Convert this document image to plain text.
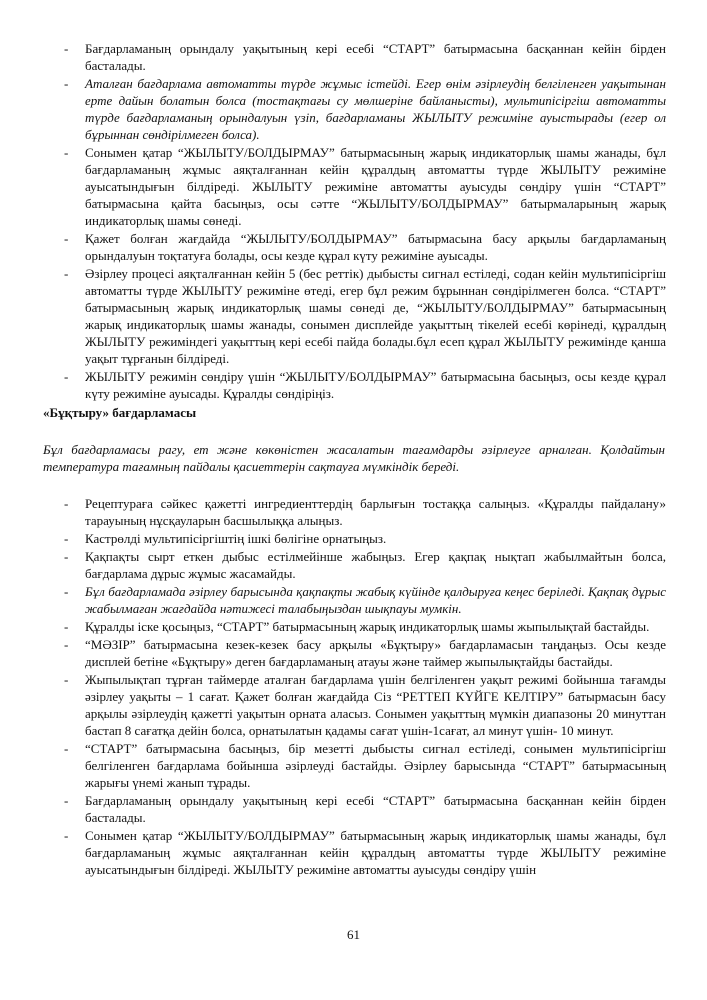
- Бағдарламаның орындалу уақытының кері есебі “СТАРТ” батырмасына басқаннан кейін бірден басталады.
- Аталған бағдарлама автоматты түрде жұмыс істейді. Егер өнім әзірлеудің белгіленген уақытынан ерте дайын болатын болса (тостақтағы су мөлшеріне байланысты), мультипісіргіш автоматты түрде бағдарламаның орындалуын үзіп, бағдарламаны ЖЫЛЫТУ режиміне ауыстырады (егер ол бұрыннан сөндірілмеген болса).
- Сонымен қатар “ЖЫЛЫТУ/БОЛДЫРМАУ” батырмасының жарық индикаторлық шамы жанады, бұл бағдарламаның жұмыс аяқталғаннан кейін құралдың автоматты түрде ЖЫЛЫТУ режиміне ауысатындығын білдіреді. ЖЫЛЫТУ режиміне автоматты ауысуды сөндіру үшін “СТАРТ” батырмасына қайта басыңыз, осы сәтте “ЖЫЛЫТУ/БОЛДЫРМАУ” батырмаларының жарық индикаторлық шамы сөнеді.
- Қажет болған жағдайда “ЖЫЛЫТУ/БОЛДЫРМАУ” батырмасына басу арқылы бағдарламаның орындалуын тоқтатуға болады, осы кезде құрал күту режиміне ауысады.
- Әзірлеу процесі аяқталғаннан кейін 5 (бес реттік) дыбысты сигнал естіледі, содан кейін мультипісіргіш автоматты түрде ЖЫЛЫТУ режиміне өтеді, егер бұл режим бұрыннан сөндірілмеген болса. “СТАРТ” батырмасының жарық индикаторлық шамы сөнеді де, “ЖЫЛЫТУ/БОЛДЫРМАУ” батырмасының жарық индикаторлық шамы жанады, сонымен дисплейде уақыттың тікелей есебі көрінеді, құралдың ЖЫЛЫТУ режиміндегі уақыттың кері есебі пайда болады.бұл есеп құрал ЖЫЛЫТУ режимінде қанша уақыт тұрғанын білдіреді.
- ЖЫЛЫТУ режимін сөндіру үшін “ЖЫЛЫТУ/БОЛДЫРМАУ” батырмасына басыңыз, осы кезде құрал күту режиміне ауысады. Құралды сөндіріңіз.
«Бұқтыру» бағдарламасы
Бұл бағдарламасы рагу, ет және көкөністен жасалатын тағамдарды әзірлеуге арналған. Қолдайтын температура тағамның пайдалы қасиеттерін сақтауға мүмкіндік береді.
- Рецептураға сәйкес қажетті ингредиенттердің барлығын тостаққа салыңыз. «Құралды пайдалану» тарауының нұсқауларын басшылыққа алыңыз.
- Кастрөлді мультипісіргіштің ішкі бөлігіне орнатыңыз.
- Қақпақты сырт еткен дыбыс естілмейінше жабыңыз. Егер қақпақ нықтап жабылмайтын болса, бағдарлама дұрыс жұмыс жасамайды.
- Бұл бағдарламада әзірлеу барысында қақпақты жабық күйінде қалдыруға кеңес беріледі. Қақпақ дұрыс жабылмаған жағдайда нәтижесі талабыңыздан шықпауы мумкін.
- Құралды іске қосыңыз, “СТАРТ” батырмасының жарық индикаторлық шамы жыпылықтай бастайды.
- “МӘЗІР” батырмасына кезек-кезек басу арқылы «Бұқтыру» бағдарламасын таңдаңыз. Осы кезде дисплей бетіне «Бұқтыру» деген бағдарламаның атауы және таймер жыпылықтайды бастайды.
- Жыпылықтап тұрған таймерде аталған бағдарлама үшін белгіленген уақыт режимі бойынша тағамды әзірлеу уақыты – 1 сағат. Қажет болған жағдайда Сіз “РЕТТЕП КҮЙГЕ КЕЛТІРУ” батырмасын басу арқылы әзірлеудің қажетті уақытын орната аласыз. Сонымен уақыттың мүмкін диапазоны 20 минуттан бастап 8 сағатқа дейін болса, орнатылатын қадамы сағат үшін-1сағат, ал минут үшін- 10 минут.
- “СТАРТ” батырмасына басыңыз, бір мезетті дыбысты сигнал естіледі, сонымен мультипісіргіш белгіленген бағдарлама бойынша әзірлеуді бастайды. Әзірлеу барысында “СТАРТ” батырмасының жарығы үнемі жанып тұрады.
- Бағдарламаның орындалу уақытының кері есебі “СТАРТ” батырмасына басқаннан кейін бірден басталады.
- Сонымен қатар “ЖЫЛЫТУ/БОЛДЫРМАУ” батырмасының жарық индикаторлық шамы жанады, бұл бағдарламаның жұмыс аяқталғаннан кейін құралдың автоматты түрде ЖЫЛЫТУ режиміне ауысатындығын білдіреді. ЖЫЛЫТУ режиміне автоматты ауысуды сөндіру үшін
61
